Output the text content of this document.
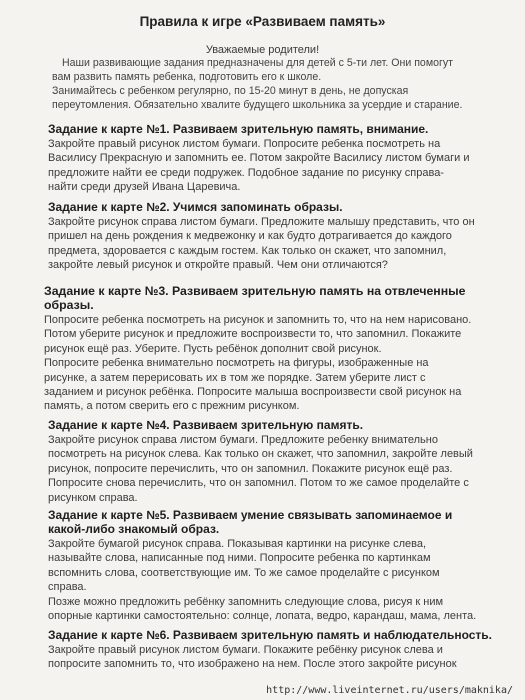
Правила к игре «Развиваем память»
Уважаемые родители!

Наши развивающие задания предназначены для детей с 5-ти лет. Они помогут

вам развить память ребенка, подготовить его к школе.

Занимайтесь с ребенком регулярно, по 15-20 минут в день, не допуская

переутомления. Обязательно хвалите будущего школьника за усердие и старание.

Задание к карте №1. Развиваем зрительную память, внимание.

Закройте правый рисунок листом бумаги. Попросите ребенка посмотреть на

Василису Прекрасную и запомнить ее. Потом закройте Василису листом бумаги и

предложите найти ее среди подружек. Подобное задание по рисунку справа-

найти среди друзей Ивана Царевича.

Задание к карте №2. Учимся запоминать образы.

Закройте рисунок справа листом бумаги. Предложите малышу представить, что он

пришел на день рождения к медвежонку и как будто дотрагивается до каждого

предмета, здоровается с каждым гостем. Как только он скажет, что запомнил,

закройте левый рисунок и откройте правый. Чем они отличаются?

Задание к карте №3. Развиваем зрительную память на отвлеченные
образы.

Попросите ребенка посмотреть на рисунок и запомнить то, что на нем нарисовано.

Потом уберите рисунок и предложите воспроизвести то, что запомнил. Покажите

рисунок ещё раз. Уберите. Пусть ребёнок дополнит свой рисунок.

Попросите ребенка внимательно посмотреть на фигуры, изображенные на

рисунке, а затем перерисовать их в том же порядке. Затем уберите лист с

заданием и рисунок ребёнка. Попросите малыша воспроизвести свой рисунок на

память, а потом сверить его с прежним рисунком.

Задание к карте №4. Развиваем зрительную память.

Закройте рисунок справа листом бумаги. Предложите ребенку внимательно

посмотреть на рисунок слева. Как только он скажет, что запомнил, закройте левый

рисунок, попросите перечислить, что он запомнил. Покажите рисунок ещё раз.

Попросите снова перечислить, что он запомнил. Потом то же самое проделайте с

рисунком справа.

Задание к карте №5. Развиваем умение связывать запоминаемое и
какой-либо знакомый образ.

Закройте бумагой рисунок справа. Показывая картинки на рисунке слева,

называйте слова, написанные под ними. Попросите ребенка по картинкам

вспомнить слова, соответствующие им. То же самое проделайте с рисунком

справа.

Позже можно предложить ребёнку запомнить следующие слова, рисуя к ним

опорные картинки самостоятельно: солнце, лопата, ведро, карандаш, мама, лента.

Задание к карте №6. Развиваем зрительную память и наблюдательность.

Закройте правый рисунок листом бумаги. Покажите ребёнку рисунок слева и

попросите запомнить то, что изображено на нем. После этого закройте рисунок

http://www.liveinternet.ru/users/maknika/
